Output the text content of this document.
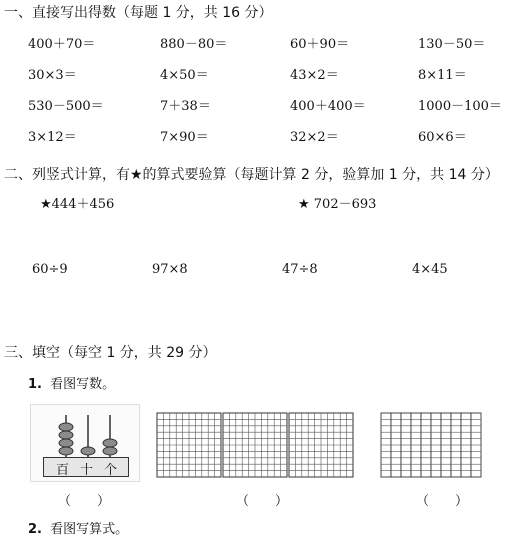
一、直接写出得数（每题 1 分，共 16 分）
400＋70＝	880－80＝	60＋90＝	130－50＝
30×3＝	4×50＝	43×2＝	8×11＝
530－500＝	7＋38＝	400＋400＝	1000－100＝
3×12＝	7×90＝	32×2＝	60×6＝
二、列竖式计算，有★的算式要验算（每题计算 2 分，验算加 1 分，共 14 分）
★444＋456	★ 702－693
60÷9	97×8	47÷8	4×45
三、填空（每空 1 分，共 29 分）
1. 看图写数。
百 十 个
（　　）	（　　）	（　　）
2. 看图写算式。
